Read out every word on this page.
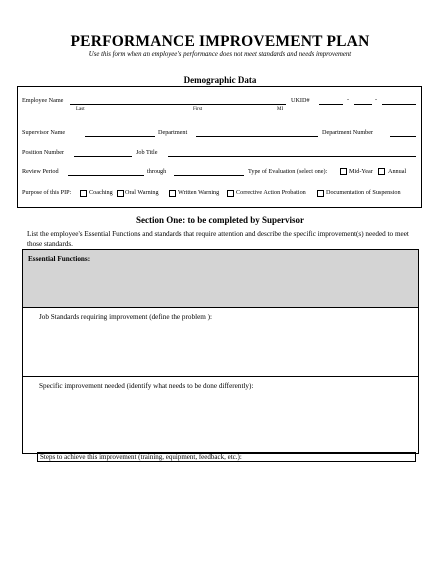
PERFORMANCE IMPROVEMENT PLAN
Use this form when an employee's performance does not meet standards and needs improvement
Demographic Data
Employee Name
Last	First	MI
UKID#	-	-
Supervisor Name	Department	Department Number
Position Number	Job Title
Review Period	through	Type of Evaluation (select one):	Mid-Year Annual
Purpose of this PIP:	Coaching Oral Warning	Written Warning	Corrective Action Probation	Documentation of Suspension
Section One: to be completed by Supervisor
List the employee's Essential Functions and standards that require attention and describe the specific improvement(s) needed to meet those standards.
Essential Functions:
Job Standards requiring improvement (define the problem ):
Specific improvement needed (identify what needs to be done differently):
Steps to achieve this improvement (training, equipment, feedback, etc.):
